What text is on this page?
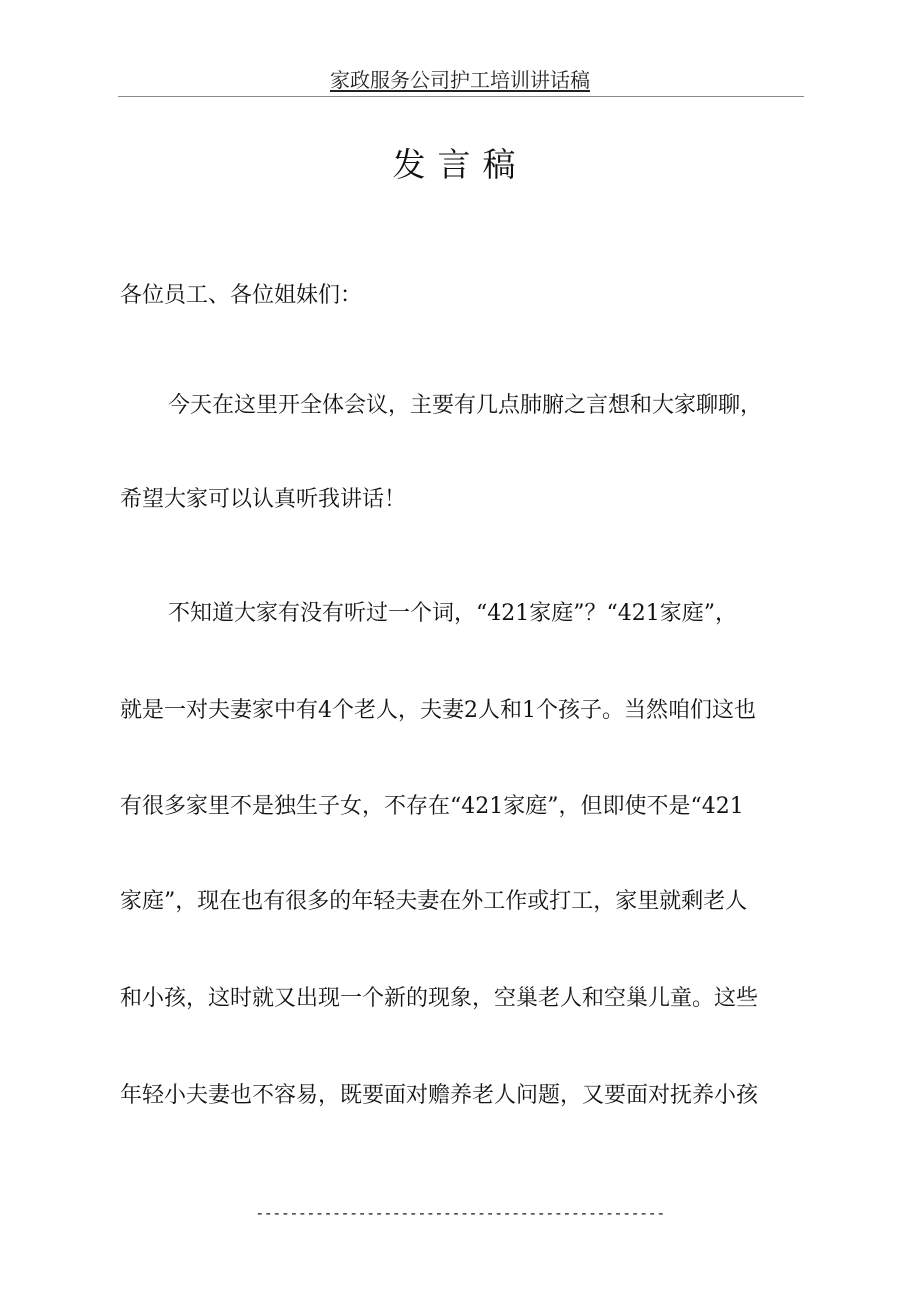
家政服务公司护工培训讲话稿
发言稿
各位员工、各位姐妹们：
今天在这里开全体会议，主要有几点肺腑之言想和大家聊聊，
希望大家可以认真听我讲话！
不知道大家有没有听过一个词，“421家庭”？“421家庭”，
就是一对夫妻家中有4个老人，夫妻2人和1个孩子。当然咱们这也
有很多家里不是独生子女，不存在“421家庭”，但即使不是“421
家庭”，现在也有很多的年轻夫妻在外工作或打工，家里就剩老人
和小孩，这时就又出现一个新的现象，空巢老人和空巢儿童。这些
年轻小夫妻也不容易，既要面对赡养老人问题，又要面对抚养小孩
------------------------------------------------
